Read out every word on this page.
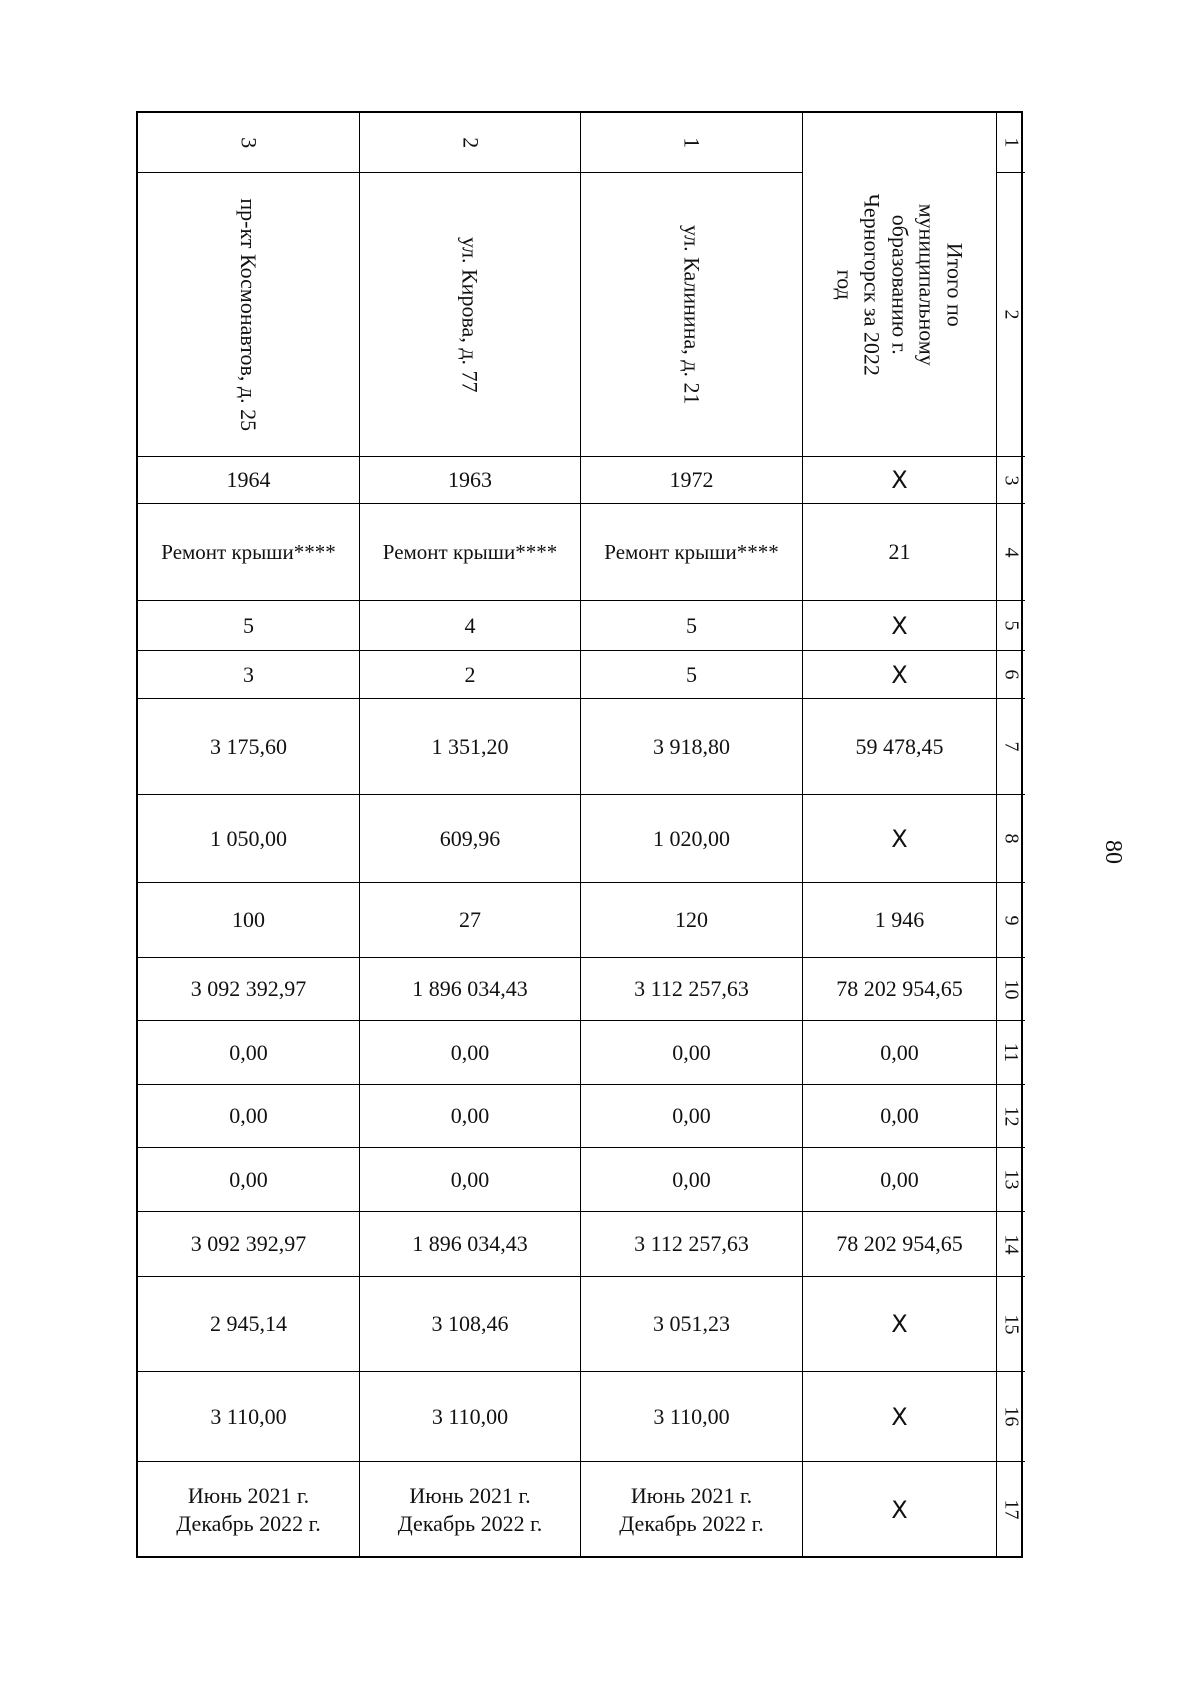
80
3
пр-кт Космонавтов, д. 25
1964
Ремонт крыши****
5
3
3 175,60
1 050,00
100
3 092 392,97
0,00
0,00
0,00
3 092 392,97
2 945,14
3 110,00
Июнь 2021 г.
Декабрь 2022 г.
2
ул. Кирова, д. 77
1963
Ремонт крыши****
4
2
1 351,20
609,96
27
1 896 034,43
0,00
0,00
0,00
1 896 034,43
3 108,46
3 110,00
Июнь 2021 г.
Декабрь 2022 г.
1
ул. Калинина, д. 21
1972
Ремонт крыши****
5
5
3 918,80
1 020,00
120
3 112 257,63
0,00
0,00
0,00
3 112 257,63
3 051,23
3 110,00
Июнь 2021 г.
Декабрь 2022 г.
Итого по муниципальному образованию г. Черногорск за 2022 год
Х
21
Х
Х
59 478,45
Х
1 946
78 202 954,65
0,00
0,00
0,00
78 202 954,65
Х
Х
Х
1
2
3
4
5
6
7
8
9
10
11
12
13
14
15
16
17
